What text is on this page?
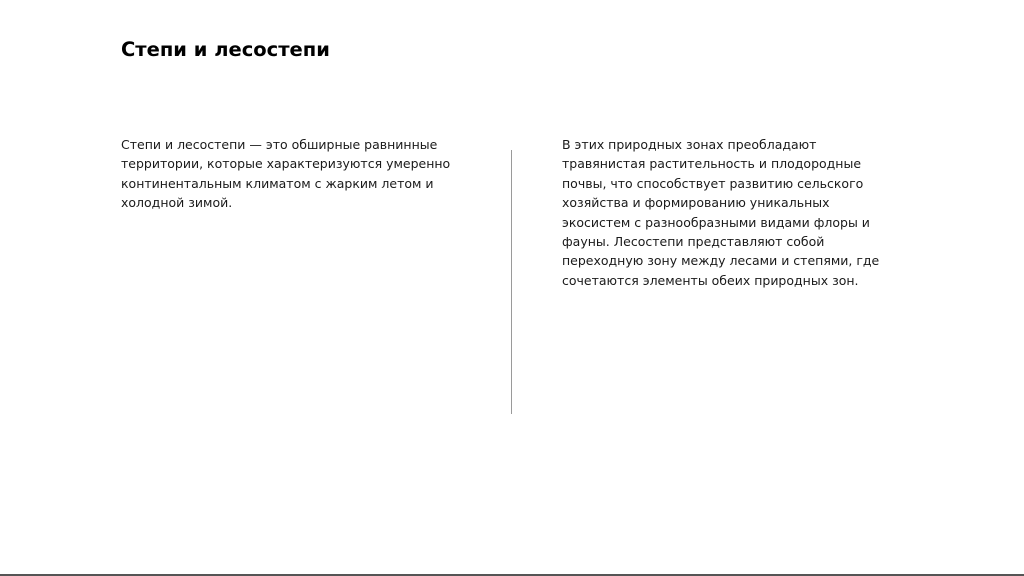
Степи и лесостепи

Степи и лесостепи — это обширные равнинные территории, которые характеризуются умеренно континентальным климатом с жарким летом и холодной зимой.

В этих природных зонах преобладают травянистая растительность и плодородные почвы, что способствует развитию сельского хозяйства и формированию уникальных экосистем с разнообразными видами флоры и фауны. Лесостепи представляют собой переходную зону между лесами и степями, где сочетаются элементы обеих природных зон.
